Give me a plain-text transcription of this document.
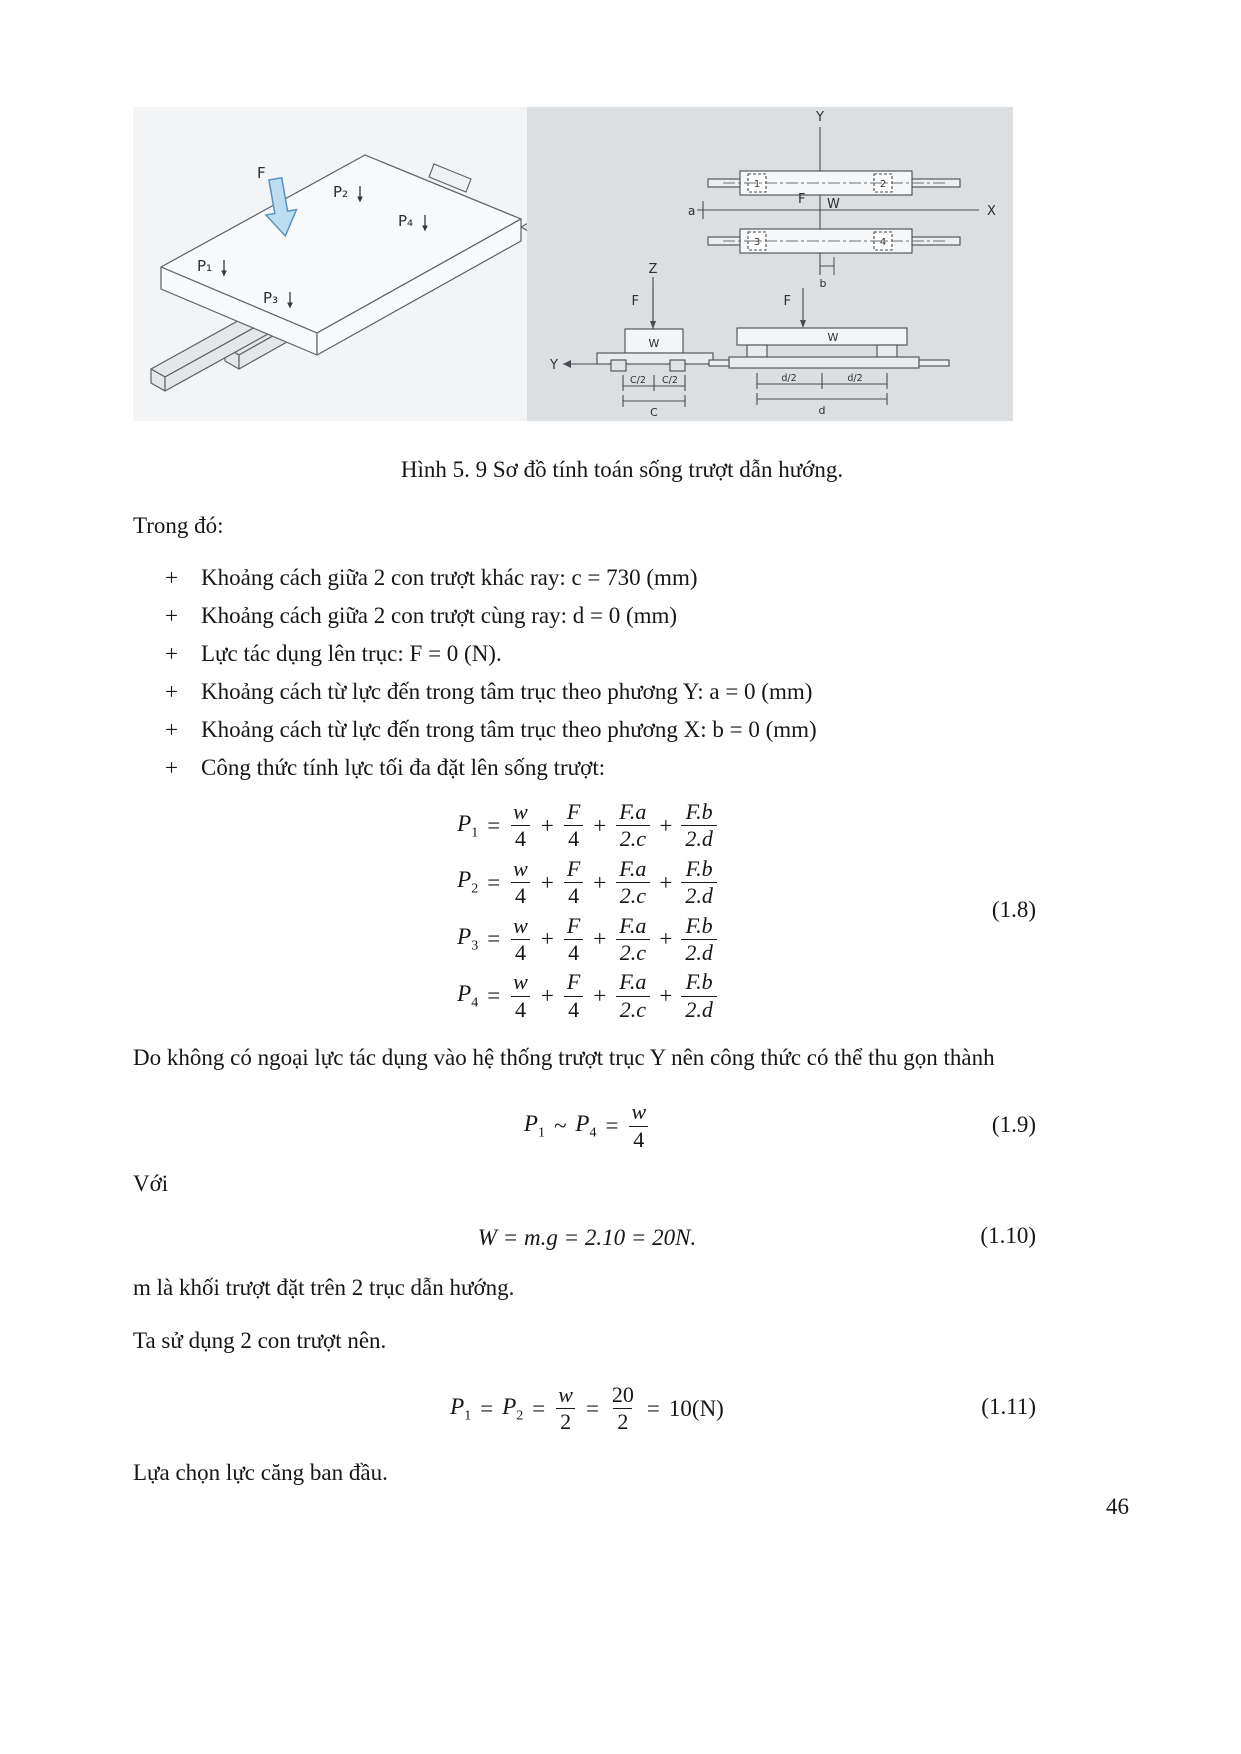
F
P₂
P₄
P₁
P₃
Y
X
a
F W
1	2
3	4
b
Z
F
Y
W
C/2 C/2
C
F
W
d/2	d/2
d
Hình 5. 9 Sơ đồ tính toán sống trượt dẫn hướng.

Trong đó:

+	Khoảng cách giữa 2 con trượt khác ray: c = 730 (mm)
+	Khoảng cách giữa 2 con trượt cùng ray: d = 0 (mm)
+	Lực tác dụng lên trục: F = 0 (N).
+	Khoảng cách từ lực đến trong tâm trục theo phương Y: a = 0 (mm)
+	Khoảng cách từ lực đến trong tâm trục theo phương X: b = 0 (mm)
+	Công thức tính lực tối đa đặt lên sống trượt:
$P_1 = \frac{w}{4} + \frac{F}{4} + \frac{F.a}{2.c} + \frac{F.b}{2.d}$
$P_2 = \frac{w}{4} + \frac{F}{4} + \frac{F.a}{2.c} + \frac{F.b}{2.d}$
$P_3 = \frac{w}{4} + \frac{F}{4} + \frac{F.a}{2.c} + \frac{F.b}{2.d}$
$P_4 = \frac{w}{4} + \frac{F}{4} + \frac{F.a}{2.c} + \frac{F.b}{2.d}$
(1.8)

Do không có ngoại lực tác dụng vào hệ thống trượt trục Y nên công thức có thể thu gọn thành

$P_1$ ~ $P_4 = \frac{w}{4}$	(1.9)

Với

W = m.g = 2.10 = 20N.	(1.10)

m là khối trượt đặt trên 2 trục dẫn hướng.

Ta sử dụng 2 con trượt nên.

$P_1 = P_2 = \frac{w}{2} = \frac{20}{2} = 10(N)$	(1.11)

Lựa chọn lực căng ban đầu.

46
